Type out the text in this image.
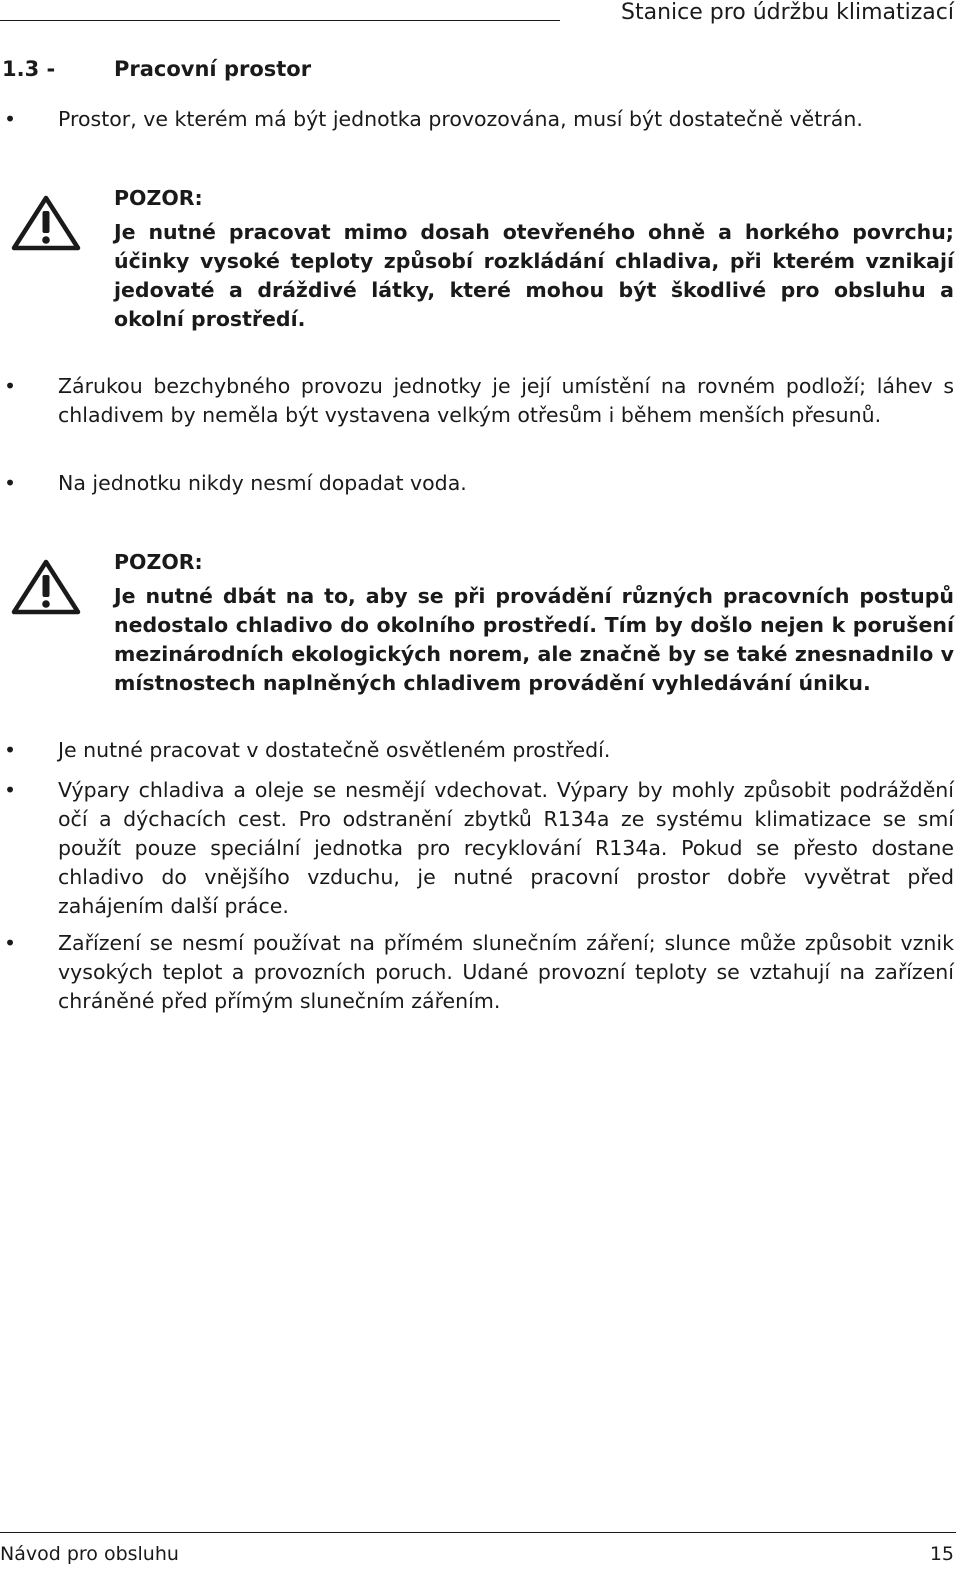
Stanice pro údržbu klimatizací
1.3 -	Pracovní prostor
•	Prostor, ve kterém má být jednotka provozována, musí být dostatečně větrán.
POZOR:
Je nutné pracovat mimo dosah otevřeného ohně a horkého povrchu; účinky vysoké teploty způsobí rozkládání chladiva, při kterém vznikají jedovaté a dráždivé látky, které mohou být škodlivé pro obsluhu a okolní prostředí.
•	Zárukou bezchybného provozu jednotky je její umístění na rovném podloží; láhev s chladivem by neměla být vystavena velkým otřesům i během menších přesunů.
•	Na jednotku nikdy nesmí dopadat voda.
POZOR:
Je nutné dbát na to, aby se při provádění různých pracovních postupů nedostalo chladivo do okolního prostředí. Tím by došlo nejen k porušení mezinárodních ekologických norem, ale značně by se také znesnadnilo v místnostech naplněných chladivem provádění vyhledávání úniku.
•	Je nutné pracovat v dostatečně osvětleném prostředí.
•	Výpary chladiva a oleje se nesmějí vdechovat. Výpary by mohly způsobit podráždění očí a dýchacích cest. Pro odstranění zbytků R134a ze systému klimatizace se smí použít pouze speciální jednotka pro recyklování R134a. Pokud se přesto dostane chladivo do vnějšího vzduchu, je nutné pracovní prostor dobře vyvětrat před zahájením další práce.
•	Zařízení se nesmí používat na přímém slunečním záření; slunce může způsobit vznik vysokých teplot a provozních poruch. Udané provozní teploty se vztahují na zařízení chráněné před přímým slunečním zářením.
Návod pro obsluhu	15
